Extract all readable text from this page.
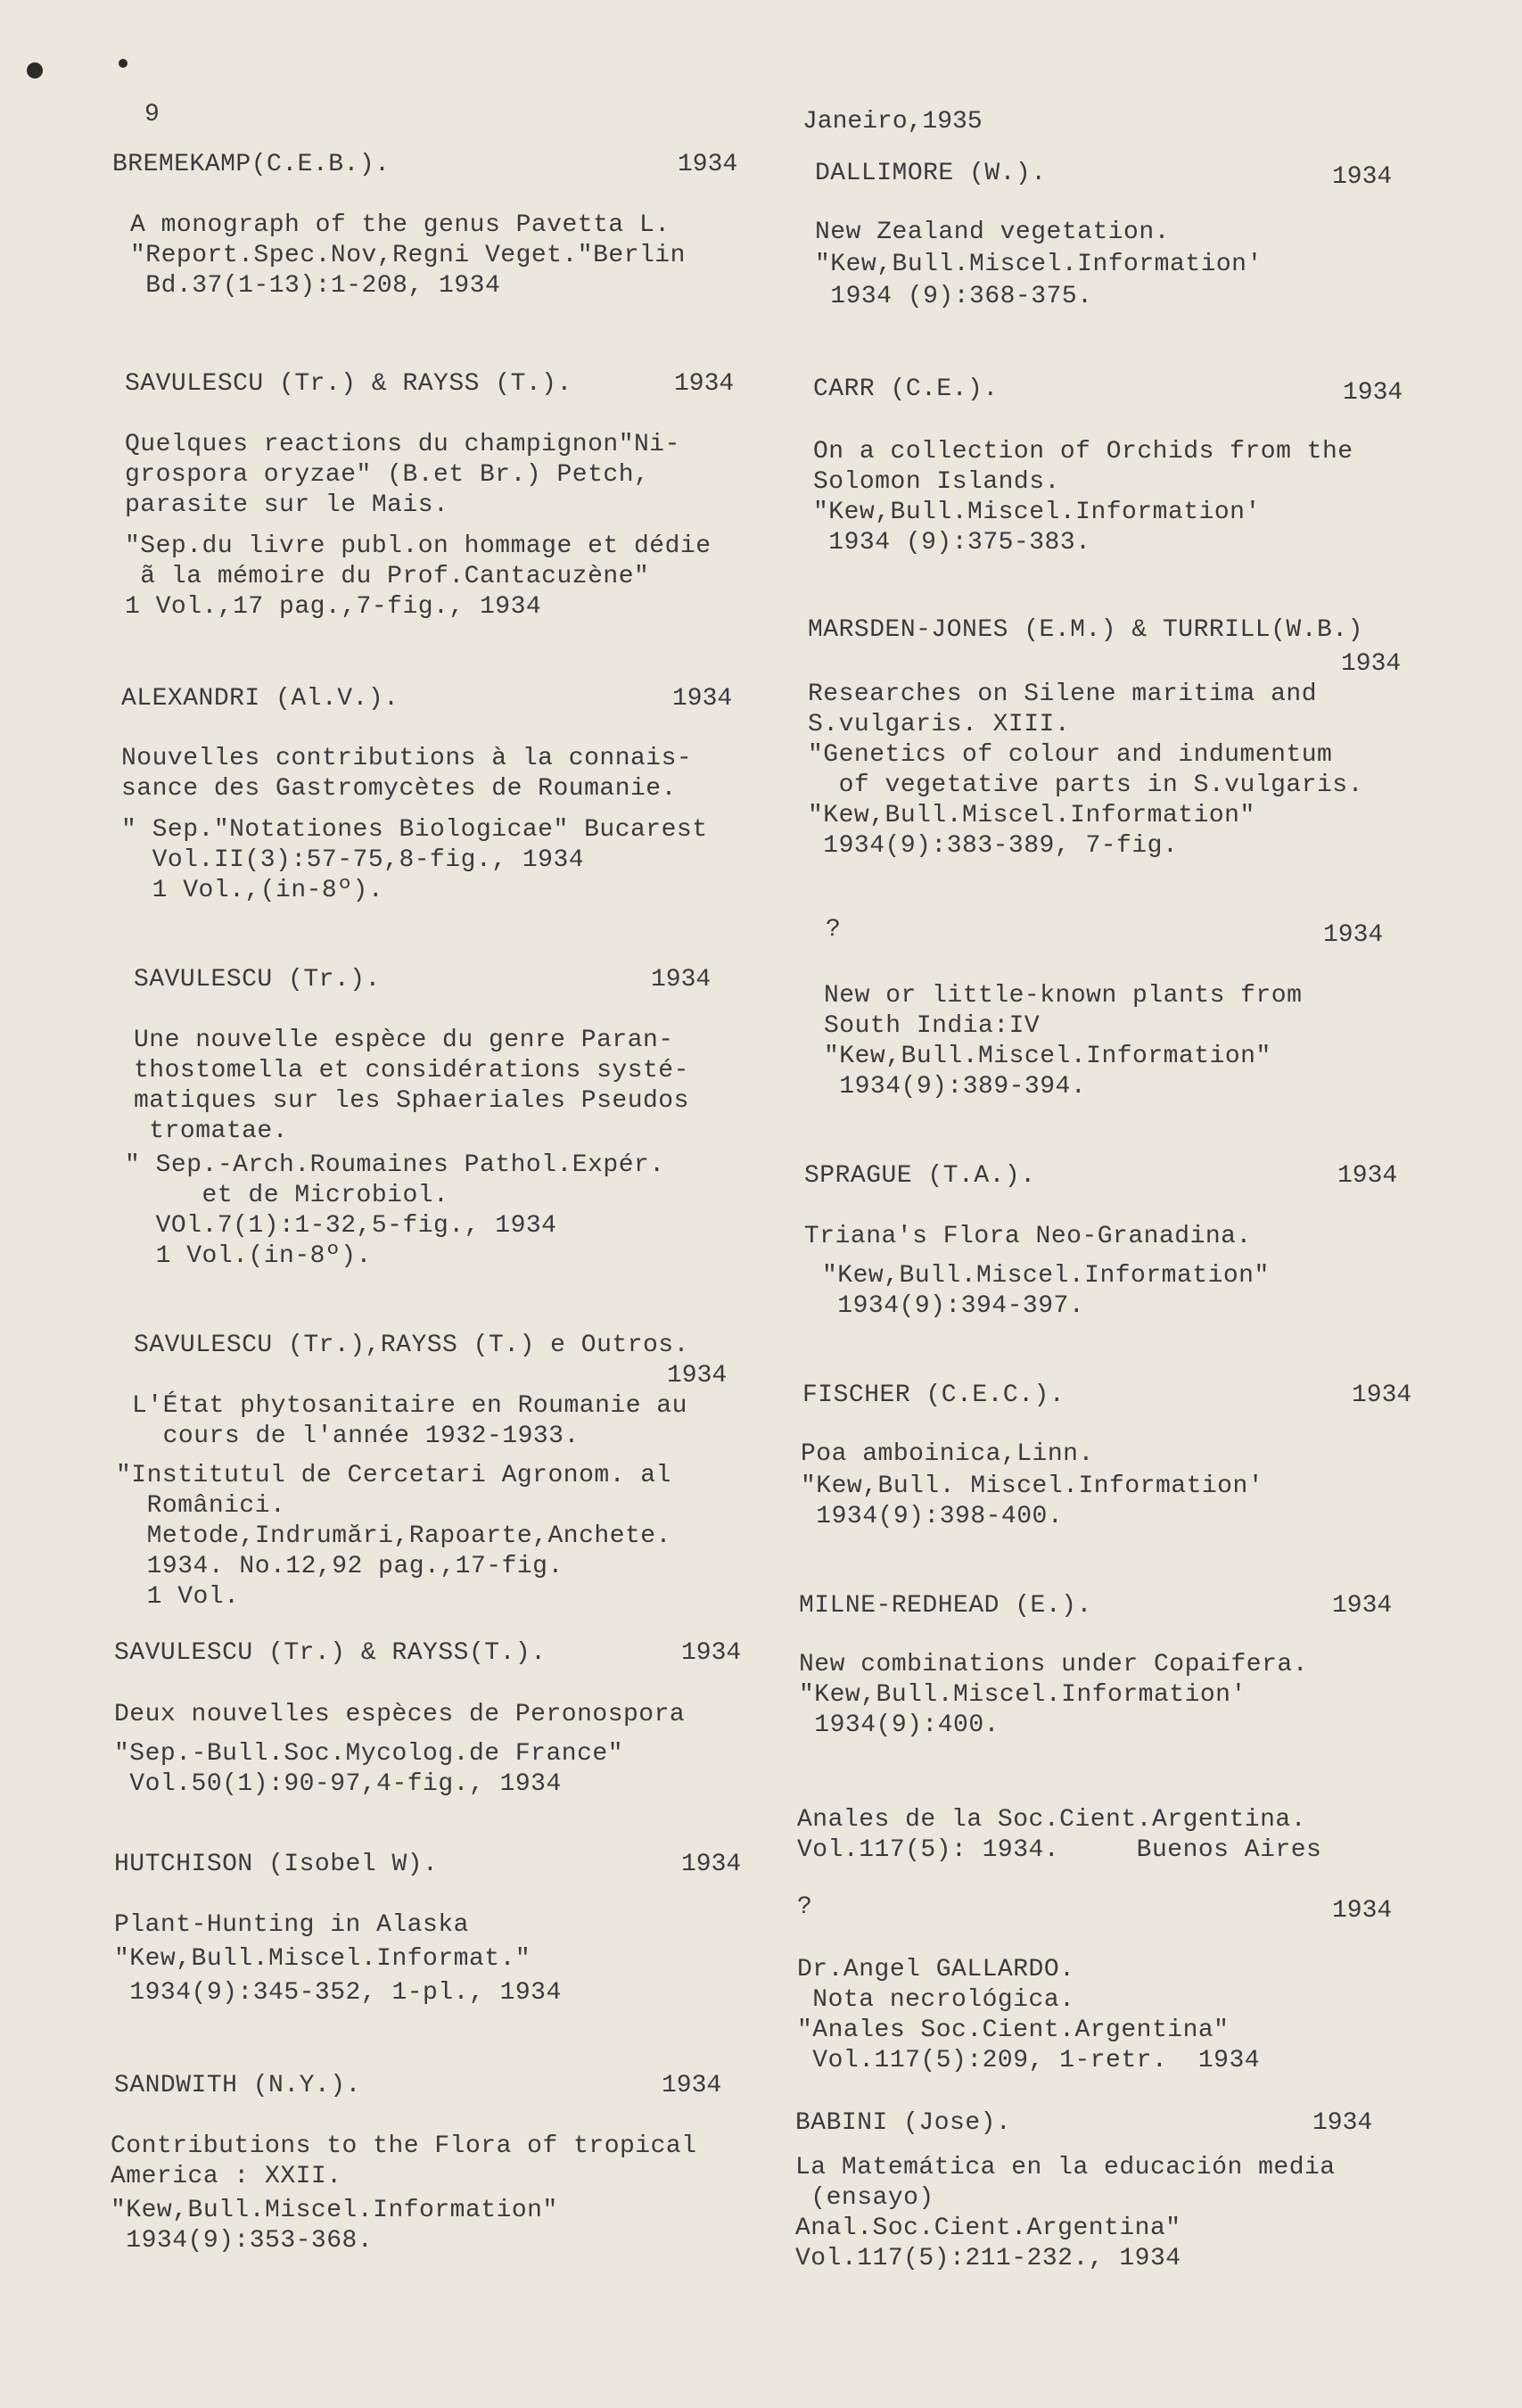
9	Janeiro,1935
BREMEKAMP(C.E.B.).	1934
A monograph of the genus Pavetta L.
"Report.Spec.Nov,Regni Veget."Berlin
Bd.37(1-13):1-208, 1934
SAVULESCU (Tr.) & RAYSS (T.).	1934
Quelques reactions du champignon"Ni-
grospora oryzae" (B.et Br.) Petch,
parasite sur le Mais.
"Sep.du livre publ.on hommage et dédie
ã la mémoire du Prof.Cantacuzène"
1 Vol.,17 pag.,7-fig., 1934
ALEXANDRI (Al.V.).	1934
Nouvelles contributions à la connais-
sance des Gastromycètes de Roumanie.
" Sep."Notationes Biologicae" Bucarest
Vol.II(3):57-75,8-fig., 1934
1 Vol.,(in-8º).
SAVULESCU (Tr.).	1934
Une nouvelle espèce du genre Paran-
thostomella et considérations systé-
matiques sur les Sphaeriales Pseudos
tromatae.
" Sep.-Arch.Roumaines Pathol.Expér.
et de Microbiol.
VOl.7(1):1-32,5-fig., 1934
1 Vol.(in-8º).
SAVULESCU (Tr.),RAYSS (T.) e Outros.
1934
L'État phytosanitaire en Roumanie au
cours de l'année 1932-1933.
"Institutul de Cercetari Agronom. al
Românici.
Metode,Indrumări,Rapoarte,Anchete.
1934. No.12,92 pag.,17-fig.
1 Vol.
SAVULESCU (Tr.) & RAYSS(T.).	1934
Deux nouvelles espèces de Peronospora
"Sep.-Bull.Soc.Mycolog.de France"
Vol.50(1):90-97,4-fig., 1934
HUTCHISON (Isobel W).	1934
Plant-Hunting in Alaska
"Kew,Bull.Miscel.Informat."
1934(9):345-352, 1-pl., 1934
SANDWITH (N.Y.).	1934
Contributions to the Flora of tropical
America : XXII.
"Kew,Bull.Miscel.Information"
1934(9):353-368.
DALLIMORE (W.).	1934
New Zealand vegetation.
"Kew,Bull.Miscel.Information'
1934 (9):368-375.
CARR (C.E.).	1934
On a collection of Orchids from the
Solomon Islands.
"Kew,Bull.Miscel.Information'
1934 (9):375-383.
MARSDEN-JONES (E.M.) & TURRILL(W.B.)
1934
Researches on Silene maritima and
S.vulgaris. XIII.
"Genetics of colour and indumentum
of vegetative parts in S.vulgaris.
"Kew,Bull.Miscel.Information"
1934(9):383-389, 7-fig.
?	1934
New or little-known plants from
South India:IV
"Kew,Bull.Miscel.Information"
1934(9):389-394.
SPRAGUE (T.A.).	1934
Triana's Flora Neo-Granadina.
"Kew,Bull.Miscel.Information"
1934(9):394-397.
FISCHER (C.E.C.).	1934
Poa amboinica,Linn.
"Kew,Bull. Miscel.Information'
1934(9):398-400.
MILNE-REDHEAD (E.).	1934
New combinations under Copaifera.
"Kew,Bull.Miscel.Information'
1934(9):400.
Anales de la Soc.Cient.Argentina.
Vol.117(5): 1934.     Buenos Aires
?	1934
Dr.Angel GALLARDO.
Nota necrológica.
"Anales Soc.Cient.Argentina"
Vol.117(5):209, 1-retr.  1934
BABINI (Jose).	1934
La Matemática en la educación media
(ensayo)
Anal.Soc.Cient.Argentina"
Vol.117(5):211-232., 1934
